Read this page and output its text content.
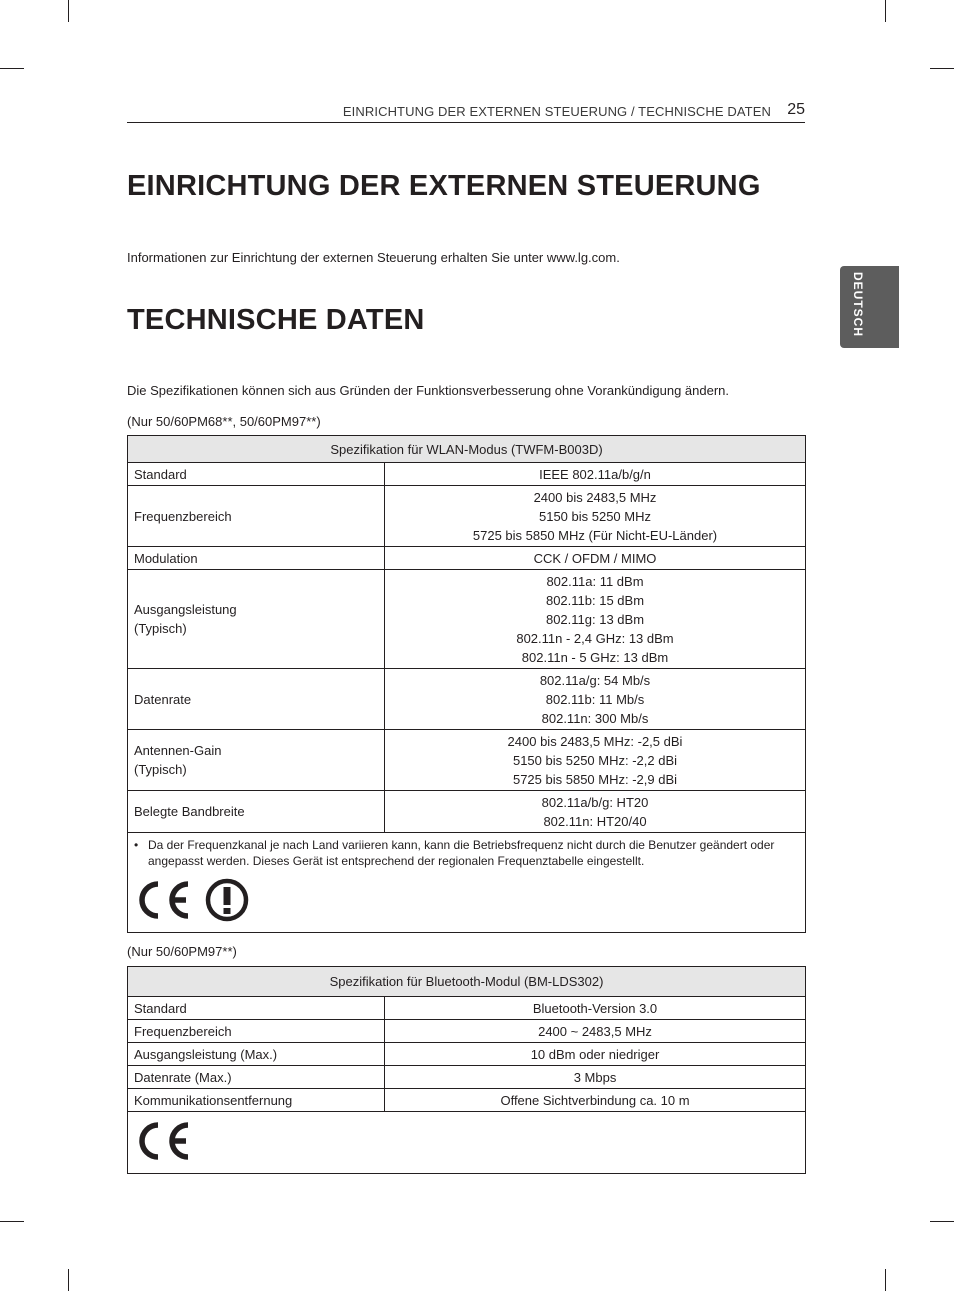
EINRICHTUNG DER EXTERNEN STEUERUNG / TECHNISCHE DATEN 25
DEUTSCH
EINRICHTUNG DER EXTERNEN STEUERUNG

Informationen zur Einrichtung der externen Steuerung erhalten Sie unter www.lg.com.

TECHNISCHE DATEN

Die Spezifikationen können sich aus Gründen der Funktionsverbesserung ohne Vorankündigung ändern.

(Nur 50/60PM68**, 50/60PM97**)

Spezifikation für WLAN-Modus (TWFM-B003D)	

Standard	IEEE 802.11a/b/g/n

Frequenzbereich	2400 bis 2483,5 MHz
5150 bis 5250 MHz
5725 bis 5850 MHz (Für Nicht-EU-Länder)

Modulation	CCK / OFDM / MIMO

Ausgangsleistung
(Typisch)	802.11a: 11 dBm
802.11b: 15 dBm
802.11g: 13 dBm
802.11n - 2,4 GHz: 13 dBm
802.11n - 5 GHz: 13 dBm

Datenrate	802.11a/g: 54 Mb/s
802.11b: 11 Mb/s
802.11n: 300 Mb/s

Antennen-Gain
(Typisch)	2400 bis 2483,5 MHz: -2,5 dBi
5150 bis 5250 MHz: -2,2 dBi
5725 bis 5850 MHz: -2,9 dBi

Belegte Bandbreite	802.11a/b/g: HT20
802.11n: HT20/40

• Da der Frequenzkanal je nach Land variieren kann, kann die Betriebsfrequenz nicht durch die Benutzer geändert oder angepasst werden. Dieses Gerät ist entsprechend der regionalen Frequenztabelle eingestellt.	

(Nur 50/60PM97**)

Spezifikation für Bluetooth-Modul (BM-LDS302)	
Standard	Bluetooth-Version 3.0
Frequenzbereich	2400 ~ 2483,5 MHz
Ausgangsleistung (Max.)	10 dBm oder niedriger
Datenrate (Max.)	3 Mbps
Kommunikationsentfernung	Offene Sichtverbindung ca. 10 m
